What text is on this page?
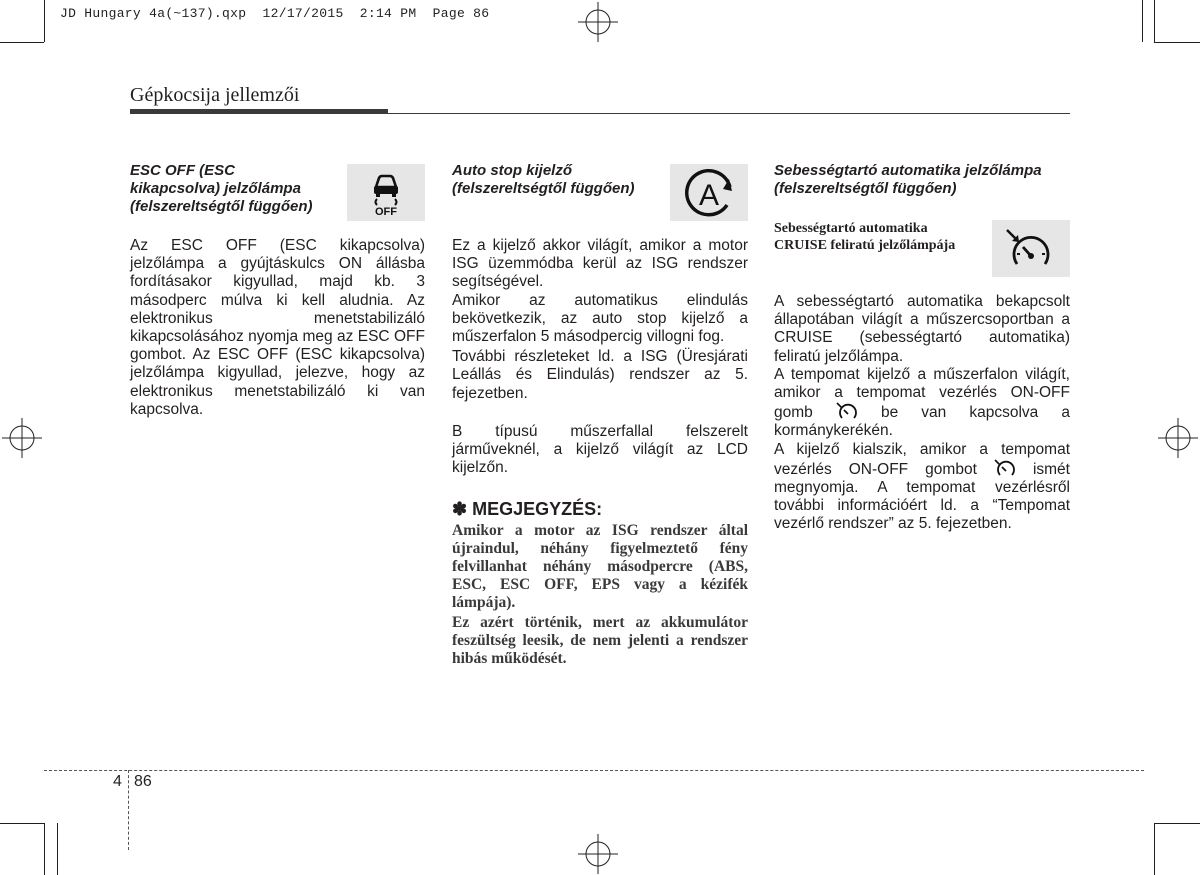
JD Hungary 4a(~137).qxp  12/17/2015  2:14 PM  Page 86
Gépkocsija jellemzői
ESC OFF (ESC
kikapcsolva) jelzőlámpa
(felszereltségtől függően)	OFF

Az ESC OFF (ESC kikapcsolva) jelzőlámpa a gyújtáskulcs ON állásba fordításakor kigyullad, majd kb. 3 másodperc múlva ki kell aludnia. Az elektronikus menetstabilizáló kikapcsolásához nyomja meg az ESC OFF gombot. Az ESC OFF (ESC kikapcsolva) jelzőlámpa kigyullad, jelezve, hogy az elektronikus menetstabilizáló ki van kapcsolva.

Auto stop kijelző
(felszereltségtől függően)	A

Ez a kijelző akkor világít, amikor a motor ISG üzemmódba kerül az ISG rendszer segítségével.

Amikor az automatikus elindulás bekövetkezik, az auto stop kijelző a műszerfalon 5 másodpercig villogni fog.

További részleteket ld. a ISG (Üresjárati Leállás és Elindulás) rendszer az 5. fejezetben.

B típusú műszerfallal felszerelt járműveknél, a kijelző világít az LCD kijelzőn.

✽ MEGJEGYZÉS:

Amikor a motor az ISG rendszer által újraindul, néhány figyelmeztető fény felvillanhat néhány másodpercre (ABS, ESC, ESC OFF, EPS vagy a kézifék lámpája).

Ez azért történik, mert az akkumulátor feszültség leesik, de nem jelenti a rendszer hibás működését.

Sebességtartó automatika jelzőlámpa
(felszereltségtől függően)
Sebességtartó automatika
CRUISE feliratú jelzőlámpája

A sebességtartó automatika bekapcsolt állapotában világít a műszercsoportban a CRUISE (sebességtartó automatika) feliratú jelzőlámpa.

A tempomat kijelző a műszerfalon világít, amikor a tempomat vezérlés ON-OFF gomb	be van kapcsolva a kormánykerékén.

A kijelző kialszik, amikor a tempomat vezérlés ON-OFF gombot	ismét megnyomja. A tempomat vezérlésről további információért ld. a “Tempomat vezérlő rendszer” az 5. fejezetben.

4 86
